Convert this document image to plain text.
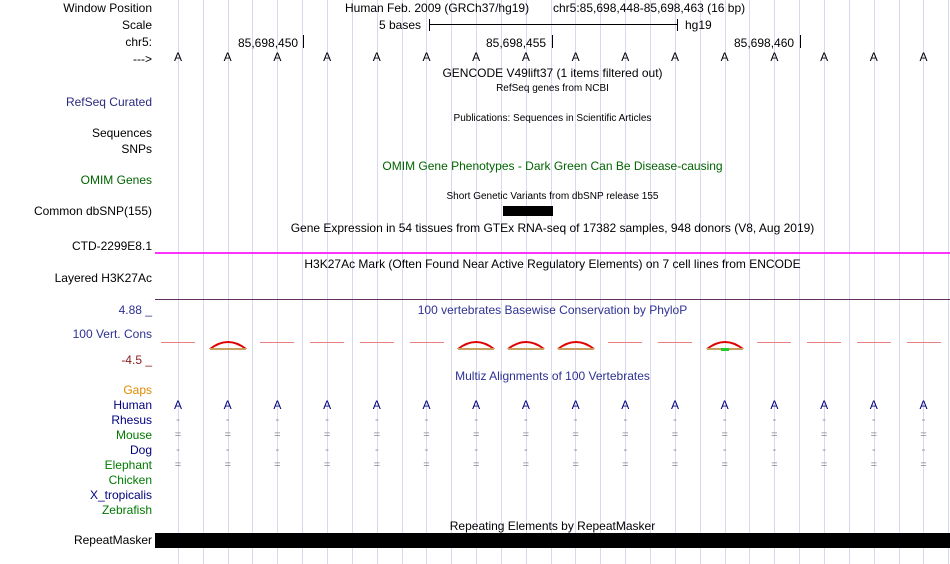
Window Position
Scale
chr5:
--->
RefSeq Curated
Sequences
SNPs
OMIM Genes
Common dbSNP(155)
CTD-2299E8.1
Layered H3K27Ac
4.88 _
100 Vert. Cons
-4.5 _
Gaps
Human
Rhesus
Mouse
Dog
Elephant
Chicken
X_tropicalis
Zebrafish
RepeatMasker
Human Feb. 2009 (GRCh37/hg19) chr5:85,698,448-85,698,463 (16 bp)
5 bases	hg19
85,698,450	85,698,455	85,698,460
A	A	A	A	A	A	A	A	A	A	A	A	A	A	A	A
GENCODE V49lift37 (1 items filtered out)
RefSeq genes from NCBI
Publications: Sequences in Scientific Articles
OMIM Gene Phenotypes - Dark Green Can Be Disease-causing
Short Genetic Variants from dbSNP release 155
Gene Expression in 54 tissues from GTEx RNA-seq of 17382 samples, 948 donors (V8, Aug 2019)
H3K27Ac Mark (Often Found Near Active Regulatory Elements) on 7 cell lines from ENCODE
100 vertebrates Basewise Conservation by PhyloP
Multiz Alignments of 100 Vertebrates
A	A	A	A	A	A	A	A	A	A	A	A	A	A	A	A
-	-	-	-	-	-	-	-	-	-	-	-	-	-	-	-
=	=	=	=	=	=	=	=	=	=	=	=	=	=	=	=
-	-	-	-	-	-	-	-	-	-	-	-	-	-	-	-
=	=	=	=	=	=	=	=	=	=	=	=	=	=	=	=
Repeating Elements by RepeatMasker
